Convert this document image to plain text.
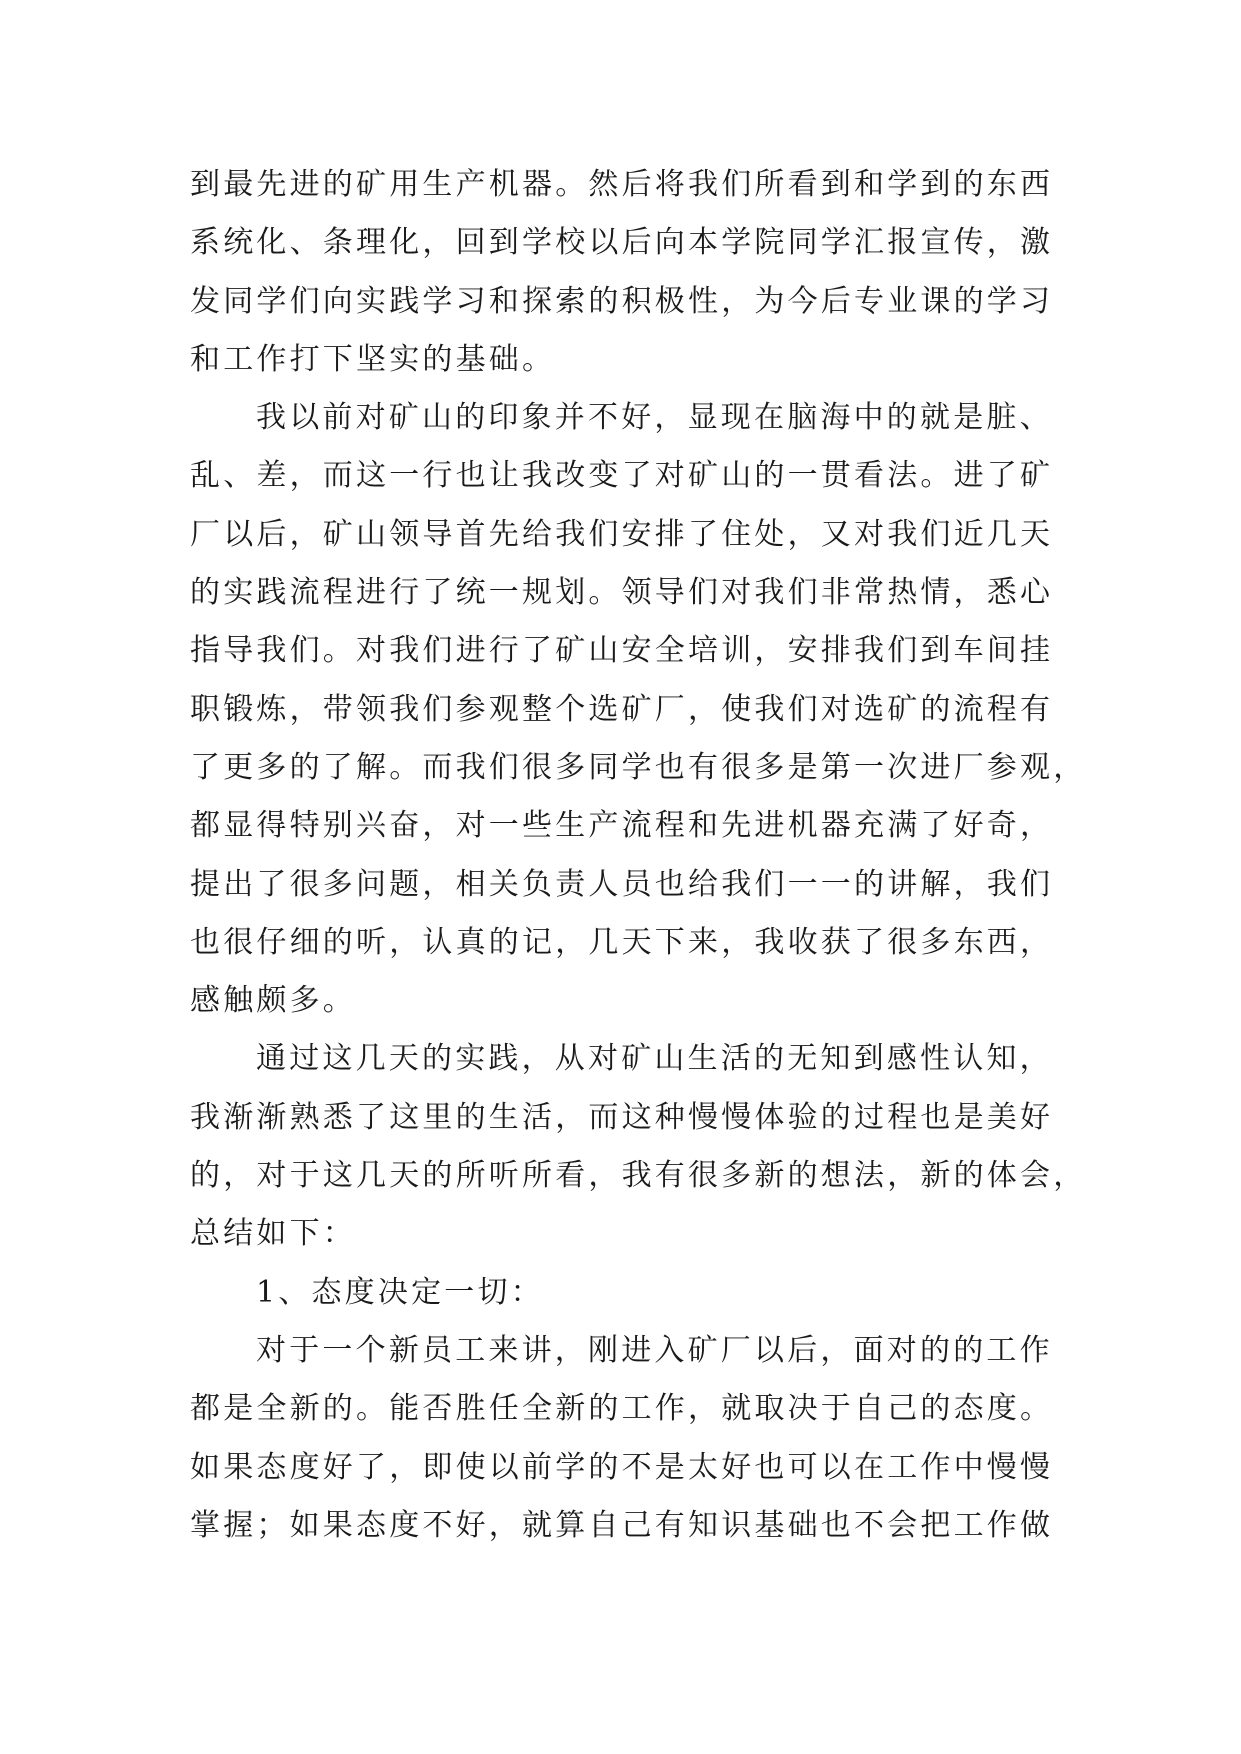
到最先进的矿用生产机器。然后将我们所看到和学到的东西
系统化、条理化，回到学校以后向本学院同学汇报宣传，激
发同学们向实践学习和探索的积极性，为今后专业课的学习
和工作打下坚实的基础。
我以前对矿山的印象并不好，显现在脑海中的就是脏、
乱、差，而这一行也让我改变了对矿山的一贯看法。进了矿
厂以后，矿山领导首先给我们安排了住处，又对我们近几天
的实践流程进行了统一规划。领导们对我们非常热情，悉心
指导我们。对我们进行了矿山安全培训，安排我们到车间挂
职锻炼，带领我们参观整个选矿厂，使我们对选矿的流程有
了更多的了解。而我们很多同学也有很多是第一次进厂参观，
都显得特别兴奋，对一些生产流程和先进机器充满了好奇，
提出了很多问题，相关负责人员也给我们一一的讲解，我们
也很仔细的听，认真的记，几天下来，我收获了很多东西，
感触颇多。
通过这几天的实践，从对矿山生活的无知到感性认知，
我渐渐熟悉了这里的生活，而这种慢慢体验的过程也是美好
的，对于这几天的所听所看，我有很多新的想法，新的体会，
总结如下：
1、态度决定一切：
对于一个新员工来讲，刚进入矿厂以后，面对的的工作
都是全新的。能否胜任全新的工作，就取决于自己的态度。
如果态度好了，即使以前学的不是太好也可以在工作中慢慢
掌握；如果态度不好，就算自己有知识基础也不会把工作做
